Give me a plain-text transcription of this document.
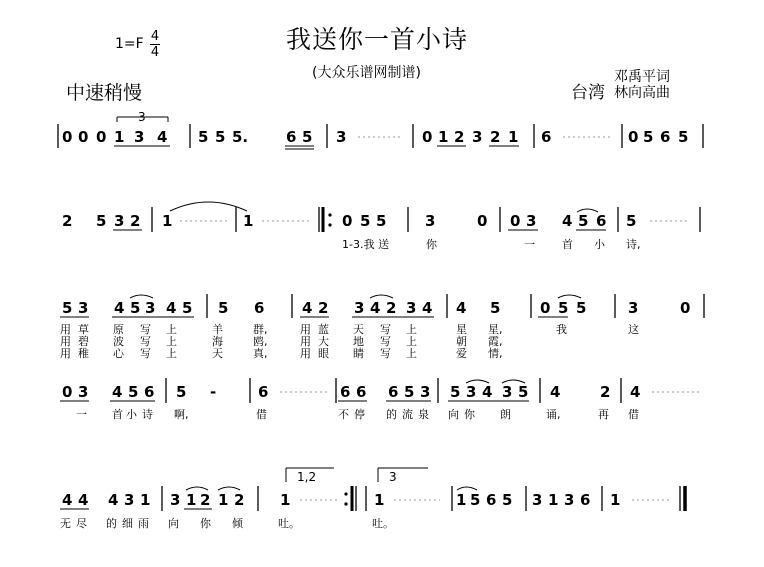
我送你一首小诗
(大众乐谱网制谱)
1=F 4
4
中速稍慢	台湾
邓禹平词
林向高曲
3
0 0 0 1 3 4 5 5 5.	6 5 3	0 1 2 3 2 1 6	0 5 6 5
2 5 3 2 1	1	0 5 5	3	0 0 3 4 5 6 5
1-3.我 送	你	一 首 小 诗,
5 3 4 5 3 4 5 5 6	4 2 3 4 2 3 4 4 5	0 5 5	3	0
用 草 原 写 上	羊	群,	用 蓝 天 写 上	星 星,	我	这
用 碧 波 写 上	海	鸥,	用 大 地 写 上	朝 霞,
用 稚 心 写 上	天	真,	用 眼 睛 写 上	爱 情,
0 3 4 5 6 5 -	6	6 6 6 5 3 5 3 4 3 5 4	2 4
一 首 小 诗 啊,	借	不 停 的 流 泉 向 你 朗	诵,	再 借
1,2	3
4 4 4 3 1 3 1 2 1 2 1	1	1 5 6 5 3 1 3 6 1
无 尽 的 细 雨 向 你 倾	吐。	吐。
